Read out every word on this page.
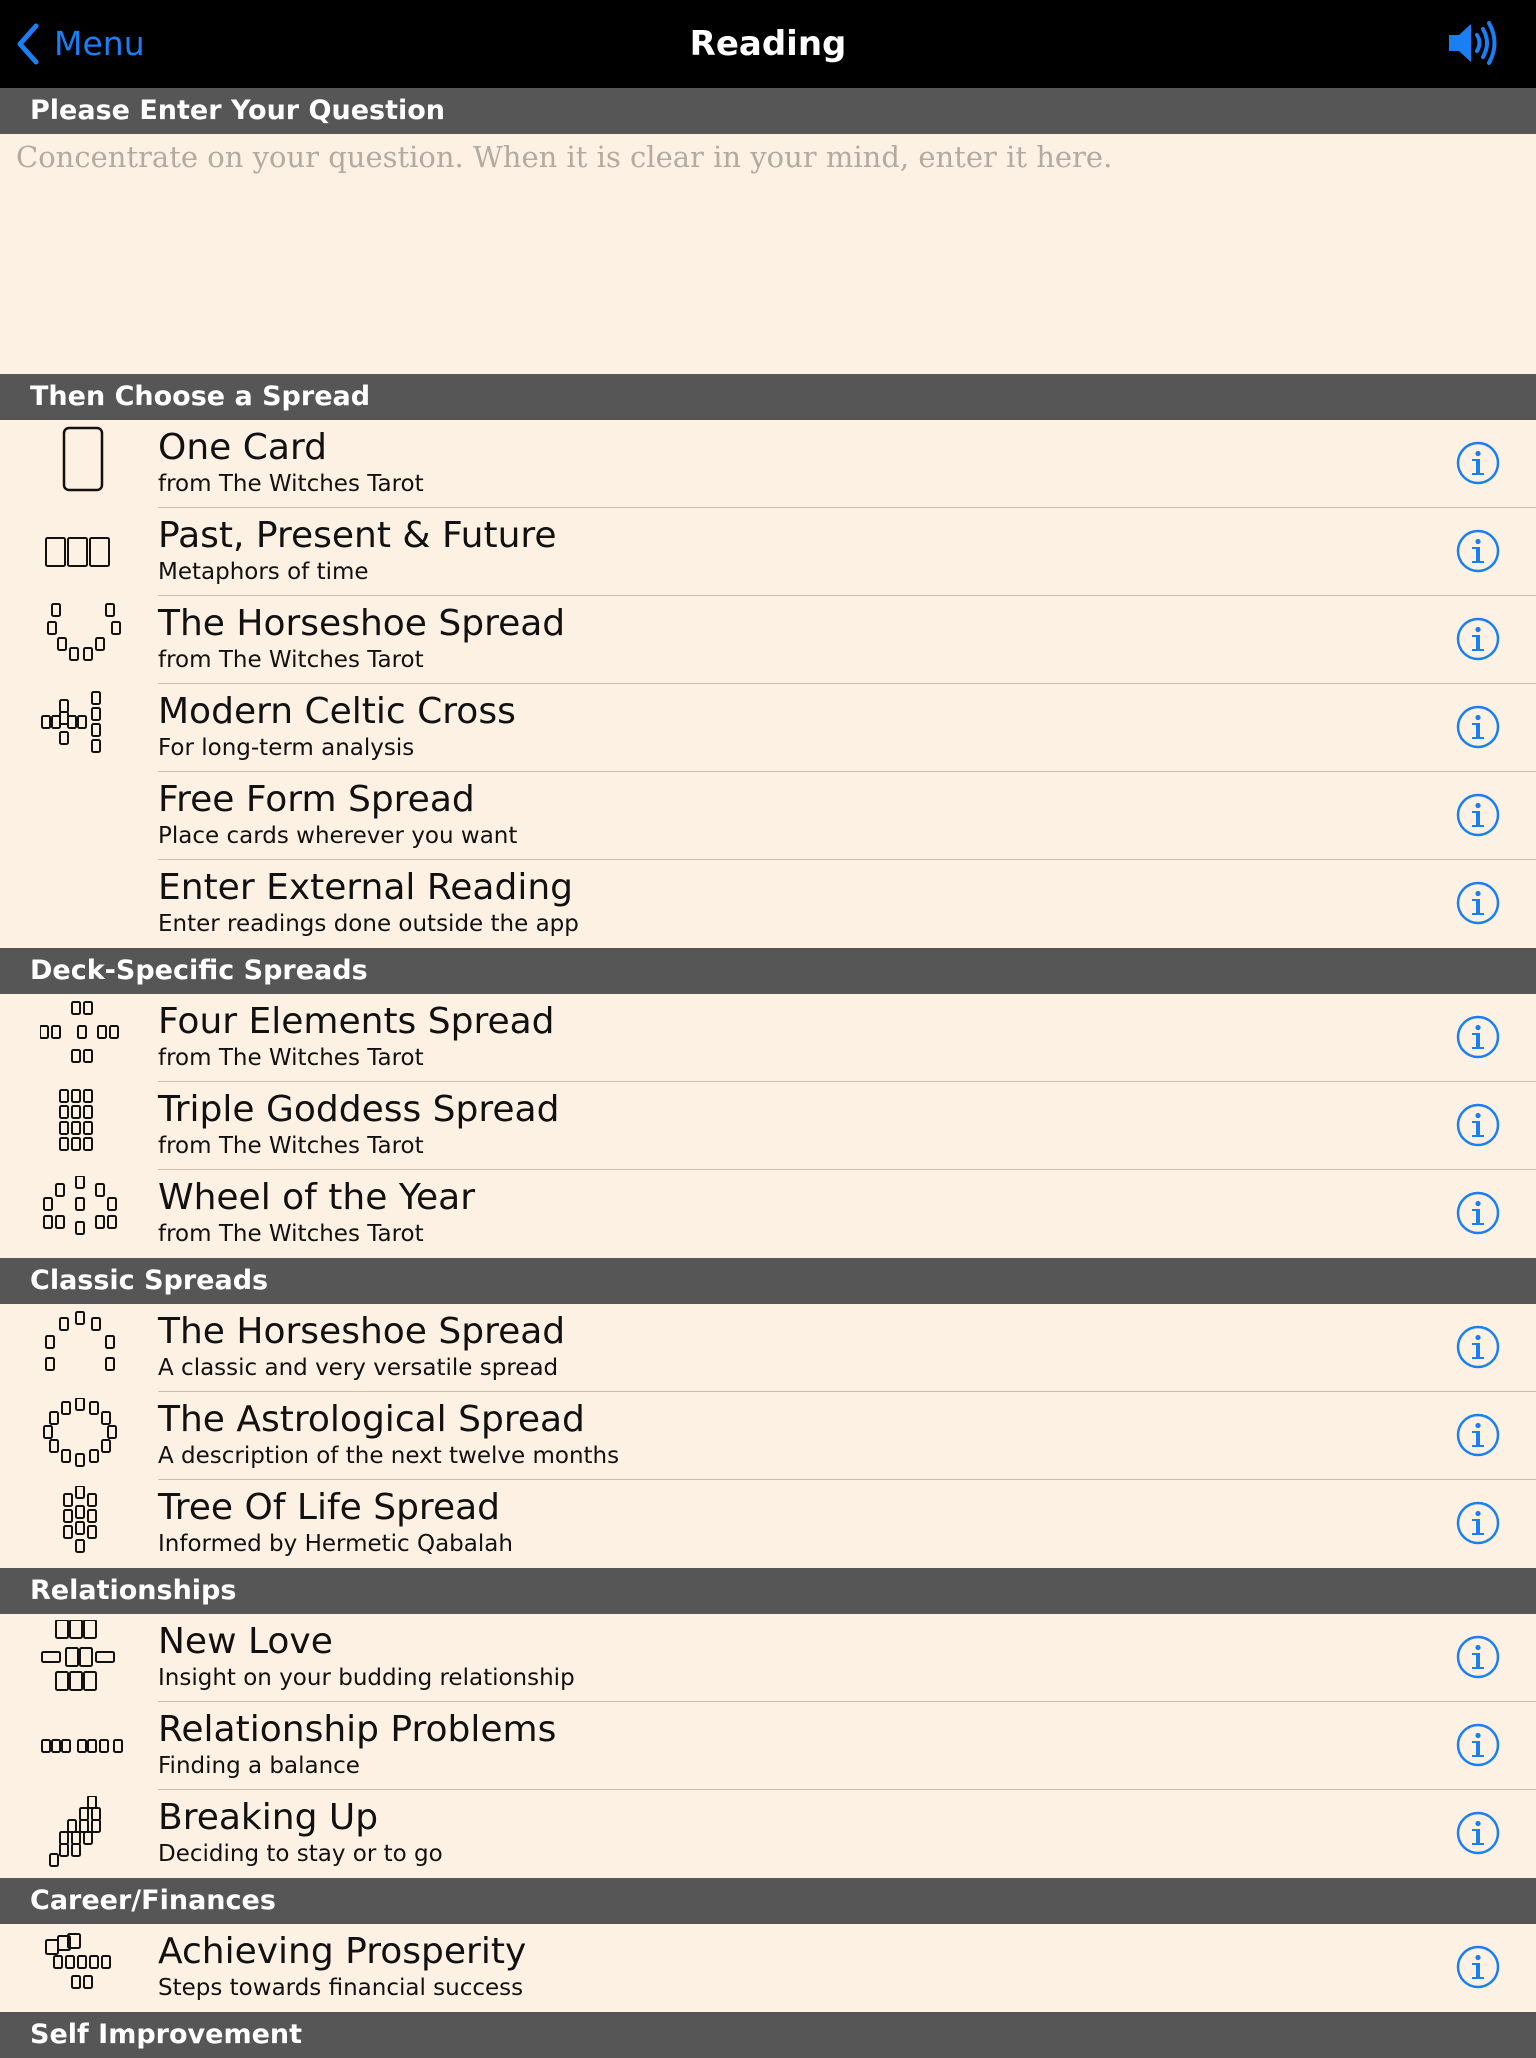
Menu	Reading
Please Enter Your Question
Concentrate on your question. When it is clear in your mind, enter it here.
Then Choose a Spread
One Card
from The Witches Tarot
Past, Present & Future
Metaphors of time
The Horseshoe Spread
from The Witches Tarot
Modern Celtic Cross
For long-term analysis
Free Form Spread
Place cards wherever you want
Enter External Reading
Enter readings done outside the app
Deck-Specific Spreads
Four Elements Spread
from The Witches Tarot
Triple Goddess Spread
from The Witches Tarot
Wheel of the Year
from The Witches Tarot
Classic Spreads
The Horseshoe Spread
A classic and very versatile spread
The Astrological Spread
A description of the next twelve months
Tree Of Life Spread
Informed by Hermetic Qabalah
Relationships
New Love
Insight on your budding relationship
Relationship Problems
Finding a balance
Breaking Up
Deciding to stay or to go
Career/Finances
Achieving Prosperity
Steps towards financial success
Self Improvement
